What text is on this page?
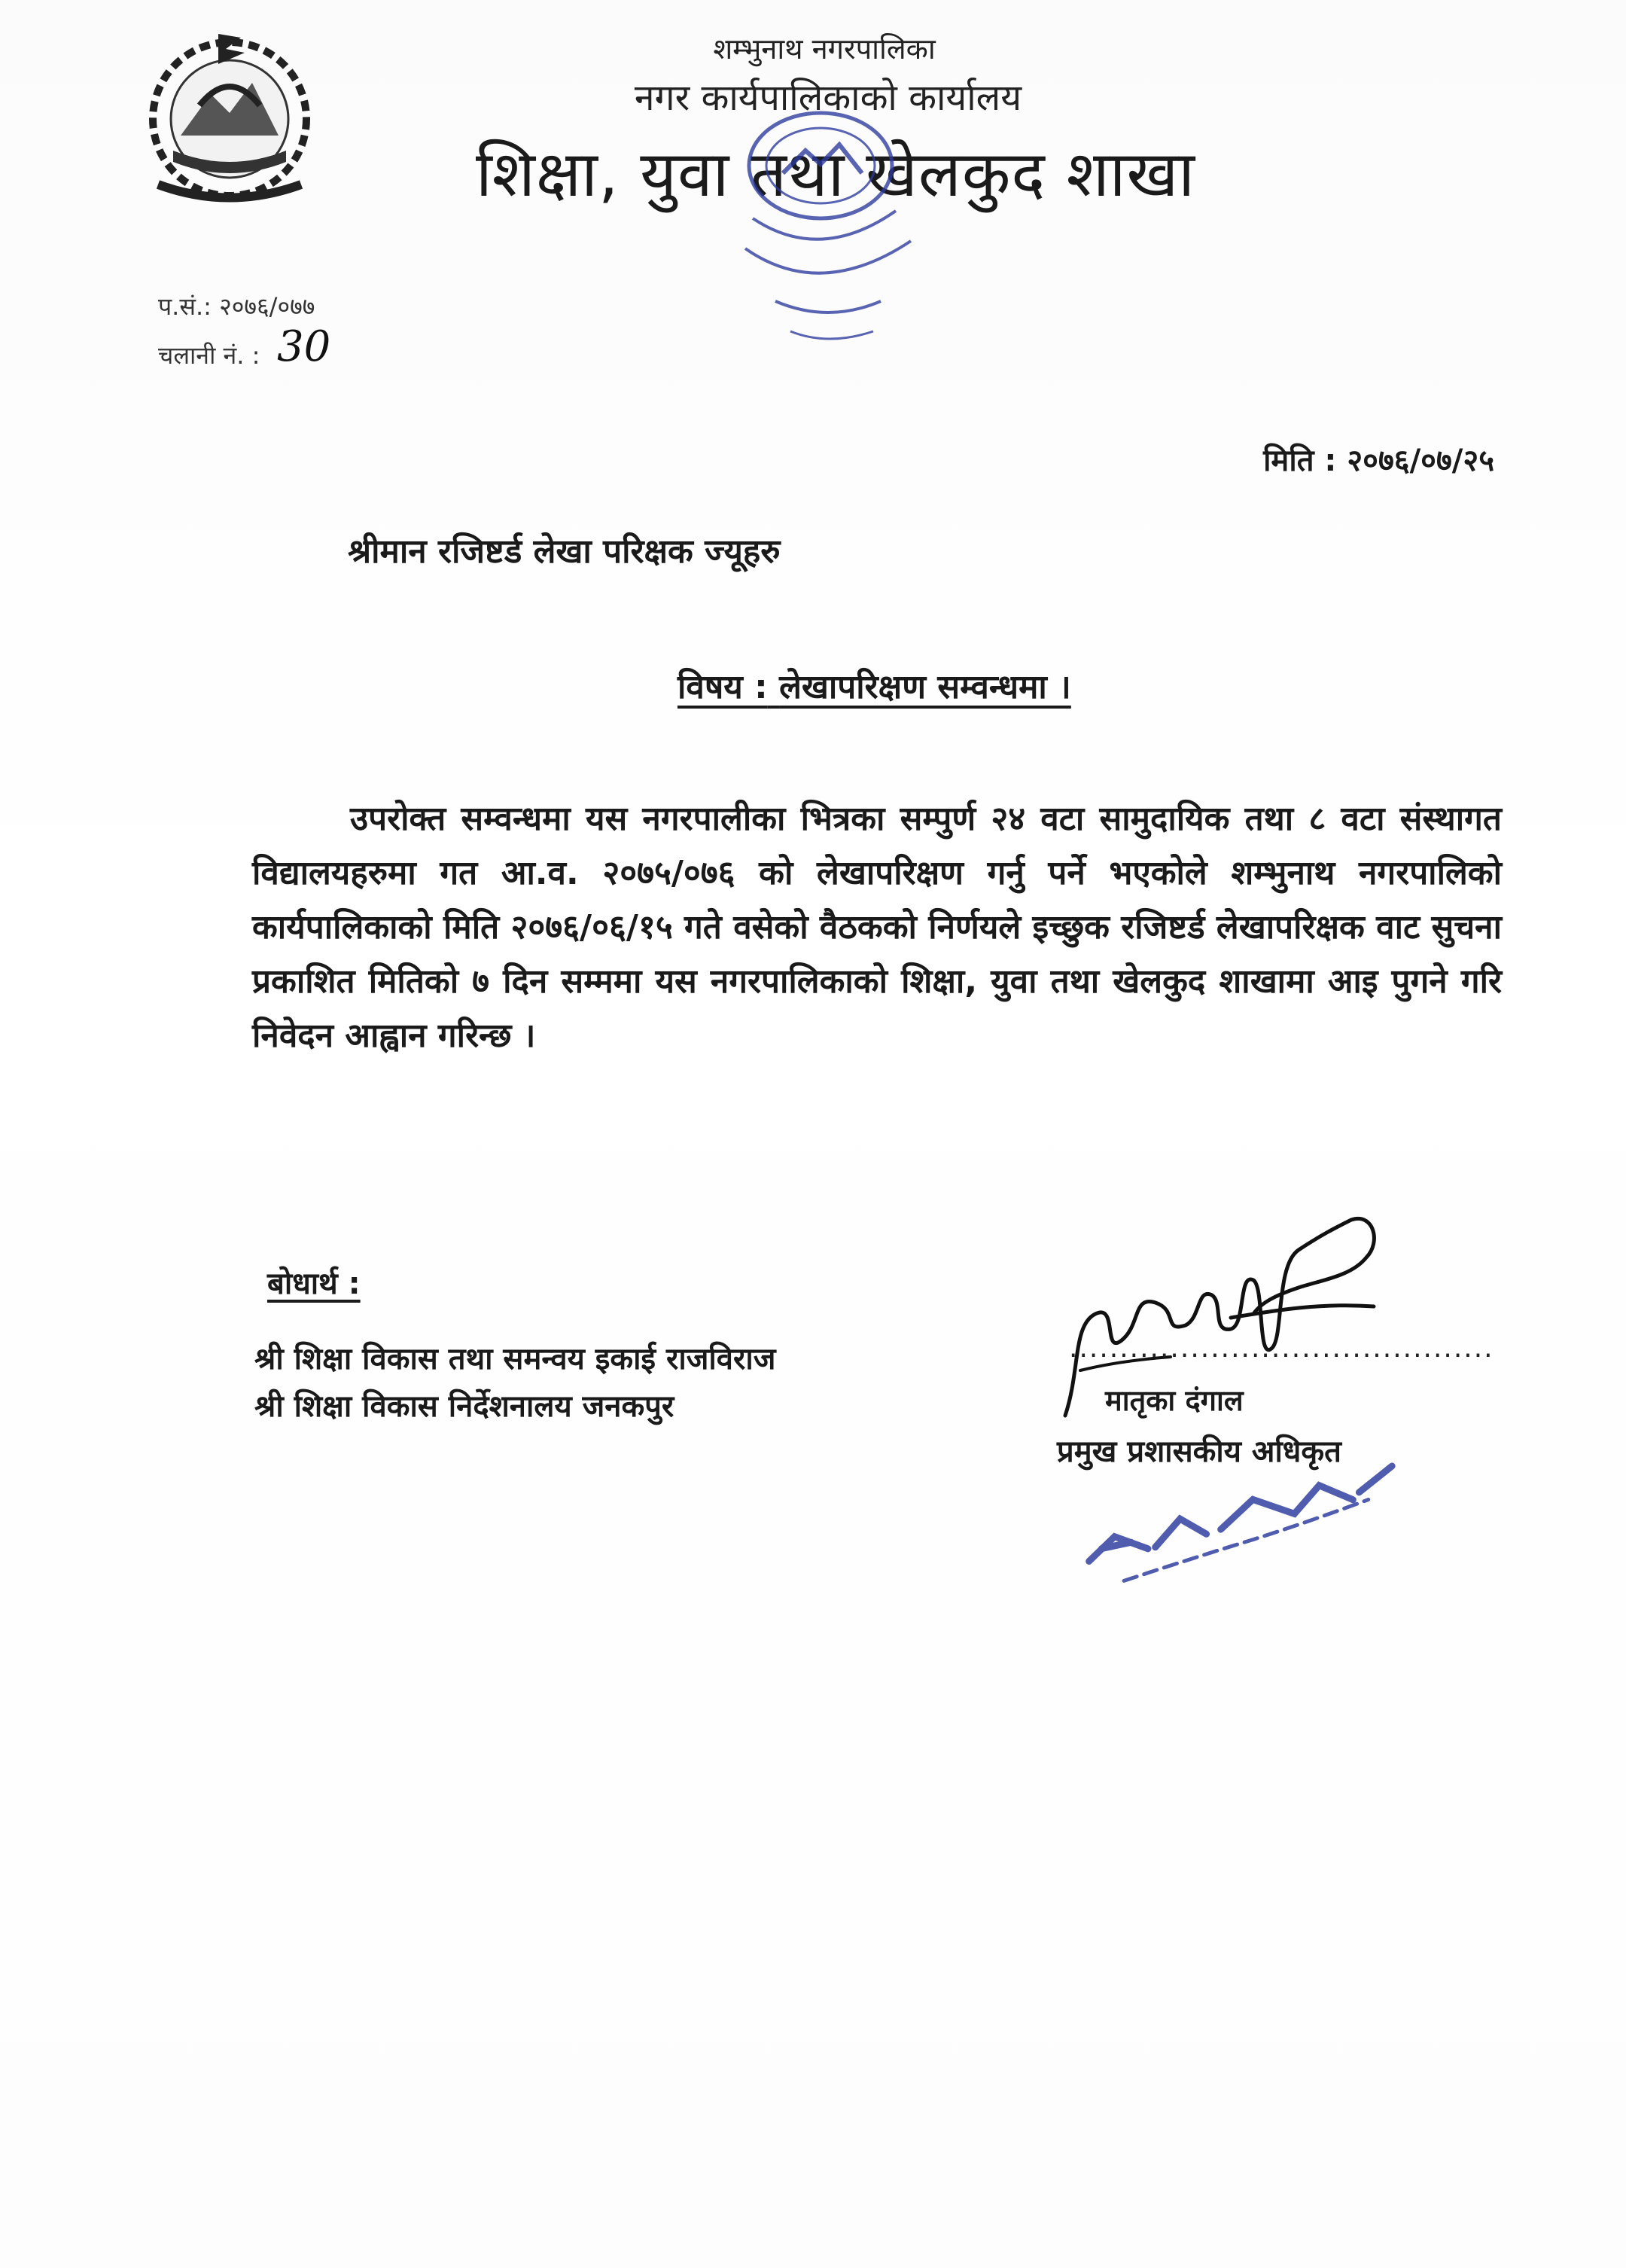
शम्भुनाथ नगरपालिका
नगर कार्यपालिकाको कार्यालय
शिक्षा, युवा तथा खेलकुद शाखा
प.सं.: २०७६/०७७
चलानी नं. : 30
मिति : २०७६/०७/२५
श्रीमान रजिष्टर्ड लेखा परिक्षक ज्यूहरु
विषय : लेखापरिक्षण सम्वन्धमा ।
उपरोक्त सम्वन्धमा यस नगरपालीका भित्रका सम्पुर्ण २४ वटा सामुदायिक तथा ८ वटा संस्थागत विद्यालयहरुमा गत आ.व. २०७५/०७६ को लेखापरिक्षण गर्नु पर्ने भएकोले शम्भुनाथ नगरपालिको कार्यपालिकाको मिति २०७६/०६/१५ गते वसेको वैठकको निर्णयले इच्छुक रजिष्टर्ड लेखापरिक्षक वाट सुचना प्रकाशित मितिको ७ दिन सम्ममा यस नगरपालिकाको शिक्षा, युवा तथा खेलकुद शाखामा आइ पुगने गरि निवेदन आह्वान गरिन्छ ।
बोधार्थ :
श्री शिक्षा विकास तथा समन्वय इकाई राजविराज
श्री शिक्षा विकास निर्देशनालय जनकपुर
..........................................
मातृका दंगाल
प्रमुख प्रशासकीय अधिकृत
